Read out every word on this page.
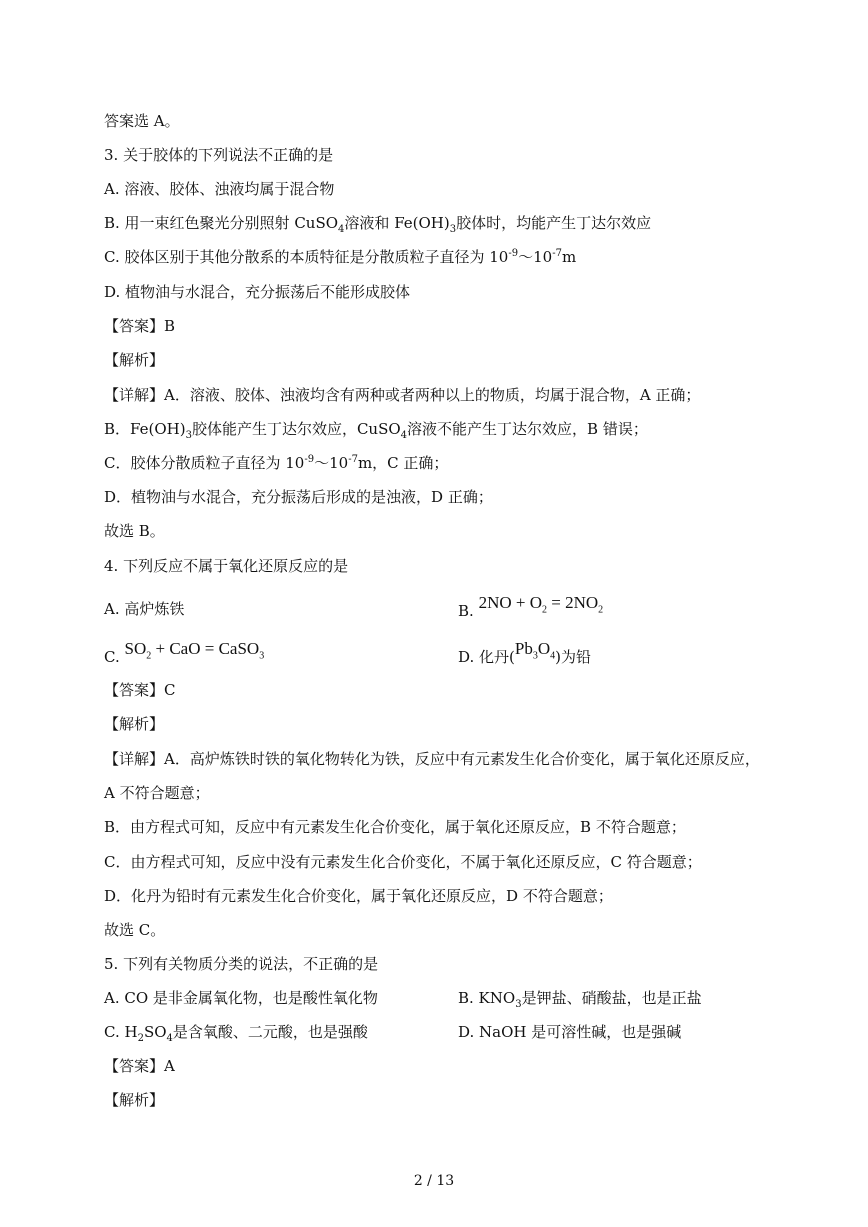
答案选 A。
3. 关于胶体的下列说法不正确的是
A. 溶液、胶体、浊液均属于混合物
B. 用一束红色聚光分别照射 CuSO$_4$溶液和 $Fe(OH)_3$胶体时，均能产生丁达尔效应
C. 胶体区别于其他分散系的本质特征是分散质粒子直径为 $10^{-9}\sim 10^{-7}m$
D. 植物油与水混合，充分振荡后不能形成胶体
【答案】B
【解析】
【详解】A．溶液、胶体、浊液均含有两种或者两种以上的物质，均属于混合物，A 正确；
B．$Fe(OH)_3$胶体能产生丁达尔效应，CuSO$_4$溶液不能产生丁达尔效应，B 错误；
C．胶体分散质粒子直径为 $10^{-9}\sim 10^{-7}m$，C 正确；
D．植物油与水混合，充分振荡后形成的是浊液，D 正确；
故选 B。
4. 下列反应不属于氧化还原反应的是
A. 高炉炼铁	B. $2NO + O_2 = 2NO_2$
C. $SO_2$ + CaO = CaSO$_3$	D. 化丹$(Pb_3O_4)$为铅
【答案】C
【解析】
【详解】A．高炉炼铁时铁的氧化物转化为铁，反应中有元素发生化合价变化，属于氧化还原反应，
A 不符合题意；
B．由方程式可知，反应中有元素发生化合价变化，属于氧化还原反应，B 不符合题意；
C．由方程式可知，反应中没有元素发生化合价变化，不属于氧化还原反应，C 符合题意；
D．化丹为铅时有元素发生化合价变化，属于氧化还原反应，D 不符合题意；
故选 C。
5. 下列有关物质分类的说法，不正确的是
A. CO 是非金属氧化物，也是酸性氧化物	B. $KNO_3$是钾盐、硝酸盐，也是正盐
C. $H_2SO_4$是含氧酸、二元酸，也是强酸	D. NaOH 是可溶性碱，也是强碱
【答案】A
【解析】
2 / 13
